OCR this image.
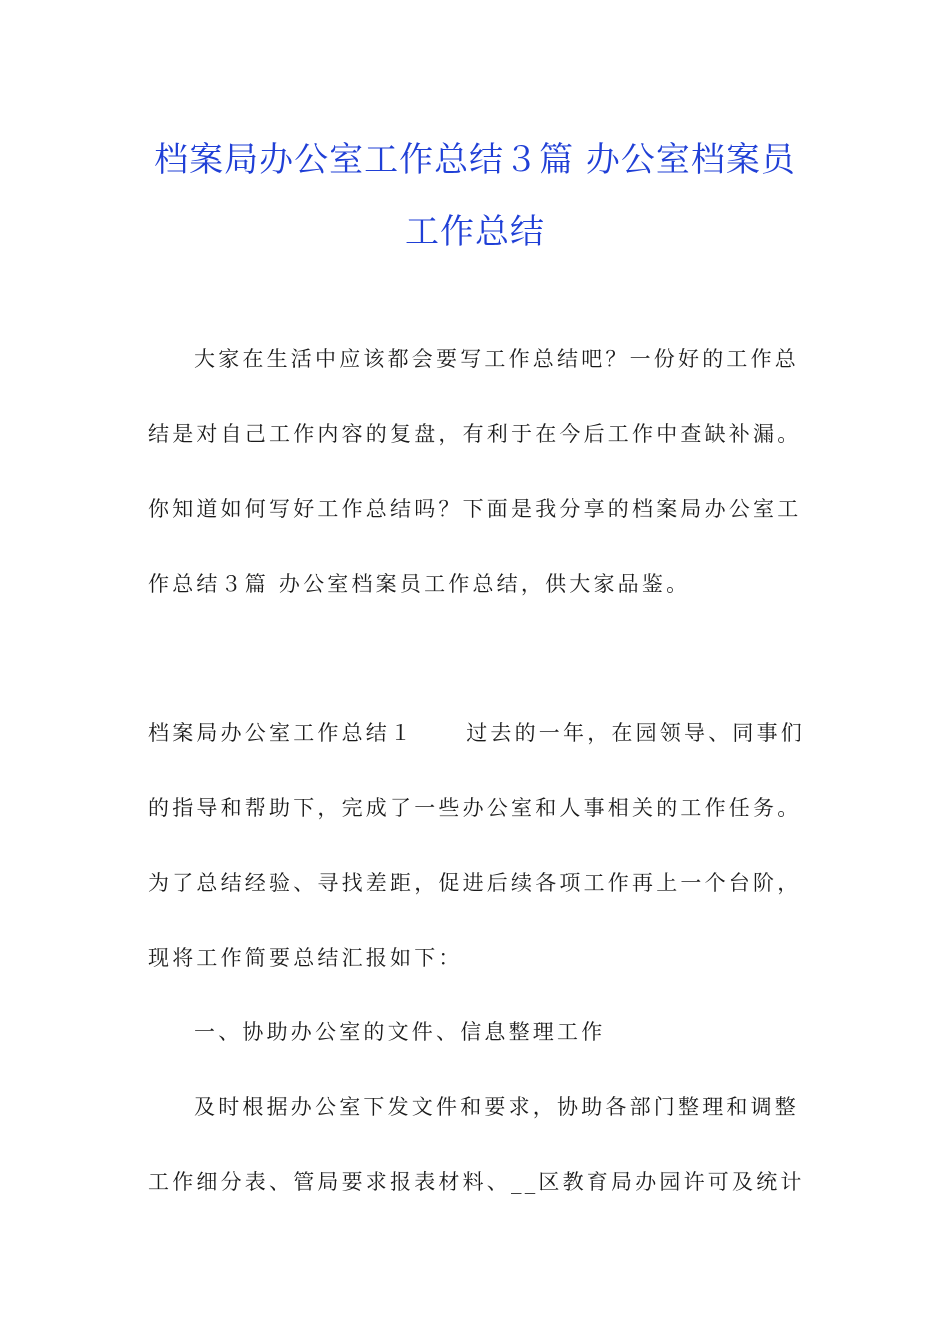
档案局办公室工作总结３篇 办公室档案员
工作总结
大家在生活中应该都会要写工作总结吧？一份好的工作总
结是对自己工作内容的复盘，有利于在今后工作中查缺补漏。
你知道如何写好工作总结吗？下面是我分享的档案局办公室工
作总结３篇 办公室档案员工作总结，供大家品鉴。
档案局办公室工作总结１ 过去的一年，在园领导、同事们
的指导和帮助下，完成了一些办公室和人事相关的工作任务。
为了总结经验、寻找差距，促进后续各项工作再上一个台阶，
现将工作简要总结汇报如下：
一、协助办公室的文件、信息整理工作
及时根据办公室下发文件和要求，协助各部门整理和调整
工作细分表、管局要求报表材料、__区教育局办园许可及统计
